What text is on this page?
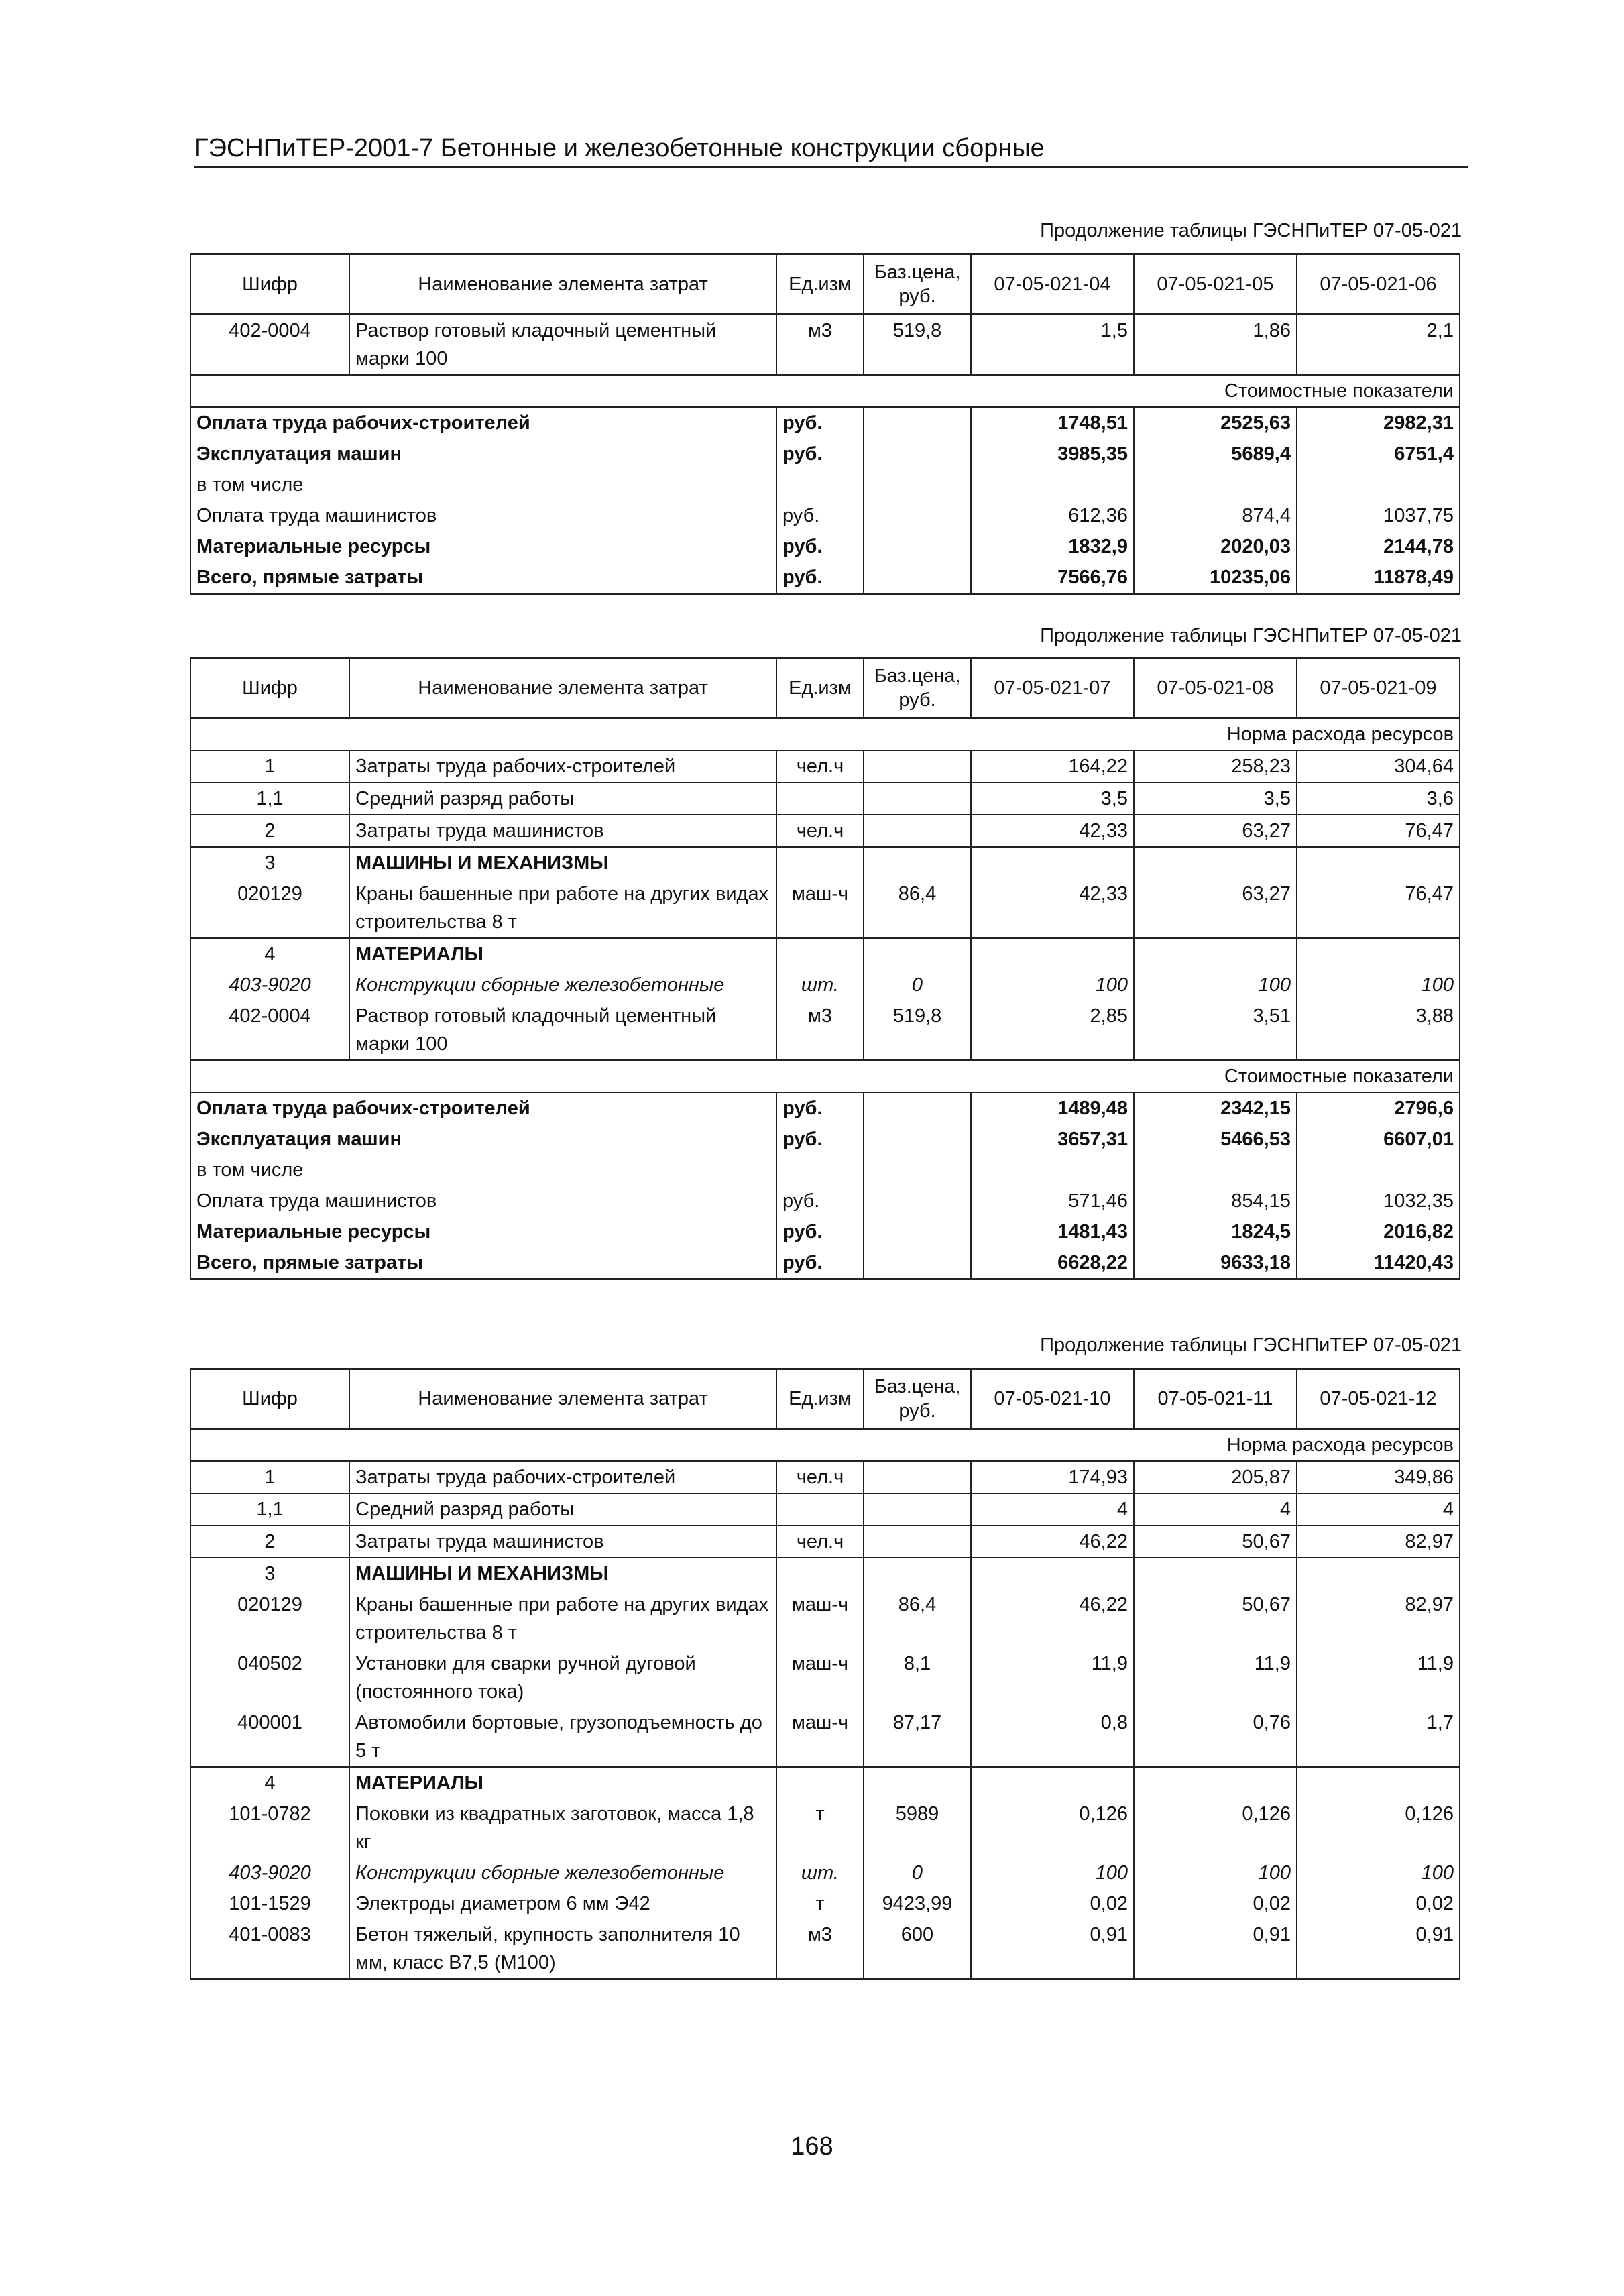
ГЭСНПиТЕР-2001-7 Бетонные и железобетонные конструкции сборные
Продолжение таблицы ГЭСНПиТЕР 07-05-021
Шифр	Наименование элемента затрат	Ед.изм	Баз.цена, руб.	07-05-021-04	07-05-021-05	07-05-021-06
402-0004	Раствор готовый кладочный цементный марки 100	м3	519,8	1,5	1,86	2,1
Стоимостные показатели						
Оплата труда рабочих-строителей		руб.		1748,51	2525,63	2982,31
Эксплуатация машин		руб.		3985,35	5689,4	6751,4
в том числе						
Оплата труда машинистов		руб.		612,36	874,4	1037,75
Материальные ресурсы		руб.		1832,9	2020,03	2144,78
Всего, прямые затраты		руб.		7566,76	10235,06	11878,49
Продолжение таблицы ГЭСНПиТЕР 07-05-021
Шифр	Наименование элемента затрат	Ед.изм	Баз.цена, руб.	07-05-021-07	07-05-021-08	07-05-021-09
Норма расхода ресурсов						
1	Затраты труда рабочих-строителей	чел.ч		164,22	258,23	304,64
1,1	Средний разряд работы			3,5	3,5	3,6
2	Затраты труда машинистов	чел.ч		42,33	63,27	76,47
3	МАШИНЫ И МЕХАНИЗМЫ					
020129	Краны башенные при работе на других видах строительства 8 т	маш-ч	86,4	42,33	63,27	76,47
4	МАТЕРИАЛЫ					
403-9020	Конструкции сборные железобетонные	шт.	0	100	100	100
402-0004	Раствор готовый кладочный цементный марки 100	м3	519,8	2,85	3,51	3,88
Стоимостные показатели						
Оплата труда рабочих-строителей		руб.		1489,48	2342,15	2796,6
Эксплуатация машин		руб.		3657,31	5466,53	6607,01
в том числе						
Оплата труда машинистов		руб.		571,46	854,15	1032,35
Материальные ресурсы		руб.		1481,43	1824,5	2016,82
Всего, прямые затраты		руб.		6628,22	9633,18	11420,43
Продолжение таблицы ГЭСНПиТЕР 07-05-021
Шифр	Наименование элемента затрат	Ед.изм	Баз.цена, руб.	07-05-021-10	07-05-021-11	07-05-021-12
Норма расхода ресурсов						
1	Затраты труда рабочих-строителей	чел.ч		174,93	205,87	349,86
1,1	Средний разряд работы			4	4	4
2	Затраты труда машинистов	чел.ч		46,22	50,67	82,97
3	МАШИНЫ И МЕХАНИЗМЫ					
020129	Краны башенные при работе на других видах строительства 8 т	маш-ч	86,4	46,22	50,67	82,97
040502	Установки для сварки ручной дуговой (постоянного тока)	маш-ч	8,1	11,9	11,9	11,9
400001	Автомобили бортовые, грузоподъемность до 5 т	маш-ч	87,17	0,8	0,76	1,7
4	МАТЕРИАЛЫ					
101-0782	Поковки из квадратных заготовок, масса 1,8 кг	т	5989	0,126	0,126	0,126
403-9020	Конструкции сборные железобетонные	шт.	0	100	100	100
101-1529	Электроды диаметром 6 мм Э42	т	9423,99	0,02	0,02	0,02
401-0083	Бетон тяжелый, крупность заполнителя 10 мм, класс В7,5 (М100)	м3	600	0,91	0,91	0,91
168
